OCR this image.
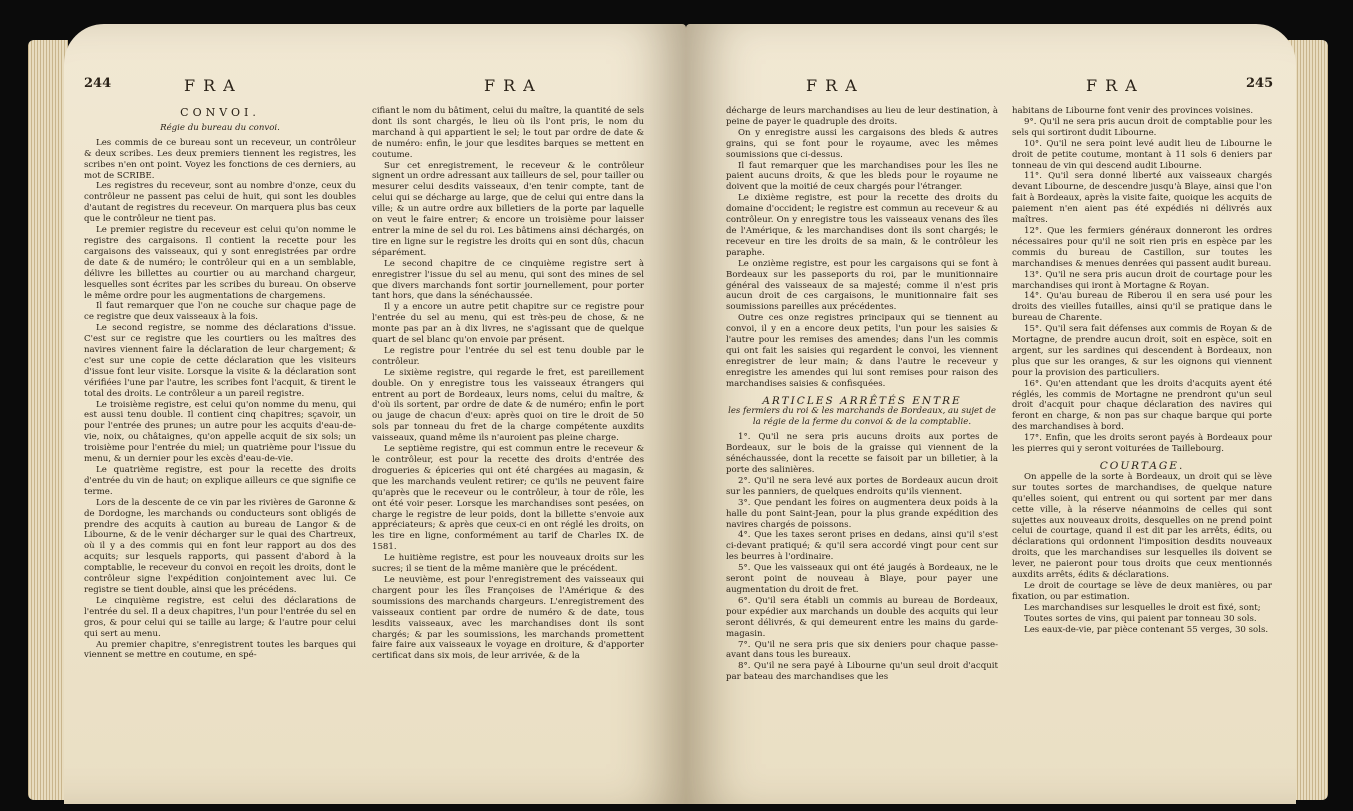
244	FRA	FRA

CONVOI.

Régie du bureau du convoi.

Les commis de ce bureau sont un receveur, un contrôleur & deux scribes. Les deux premiers tiennent les registres, les scribes n'en ont point. Voyez les fonctions de ces derniers, au mot de SCRIBE.

Les registres du receveur, sont au nombre d'onze, ceux du contrôleur ne passent pas celui de huit, qui sont les doubles d'autant de registres du receveur. On marquera plus bas ceux que le contrôleur ne tient pas.

Le premier registre du receveur est celui qu'on nomme le registre des cargaisons. Il contient la recette pour les cargaisons des vaisseaux, qui y sont enregistrées par ordre de date & de numéro; le contrôleur qui en a un semblable, délivre les billettes au courtier ou au marchand chargeur, lesquelles sont écrites par les scribes du bureau. On observe le même ordre pour les augmentations de chargemens.

Il faut remarquer que l'on ne couche sur chaque page de ce registre que deux vaisseaux à la fois.

Le second registre, se nomme des déclarations d'issue. C'est sur ce registre que les courtiers ou les maîtres des navires viennent faire la déclaration de leur chargement; & c'est sur une copie de cette déclaration que les visiteurs d'issue font leur visite. Lorsque la visite & la déclaration sont vérifiées l'une par l'autre, les scribes font l'acquit, & tirent le total des droits. Le contrôleur a un pareil registre.

Le troisième registre, est celui qu'on nomme du menu, qui est aussi tenu double. Il contient cinq chapitres; sçavoir, un pour l'entrée des prunes; un autre pour les acquits d'eau-de-vie, noix, ou châtaignes, qu'on appelle acquit de six sols; un troisième pour l'entrée du miel; un quatrième pour l'issue du menu, & un dernier pour les excès d'eau-de-vie.

Le quatrième registre, est pour la recette des droits d'entrée du vin de haut; on explique ailleurs ce que signifie ce terme.

Lors de la descente de ce vin par les rivières de Garonne & de Dordogne, les marchands ou conducteurs sont obligés de prendre des acquits à caution au bureau de Langor & de Libourne, & de le venir décharger sur le quai des Chartreux, où il y a des commis qui en font leur rapport au dos des acquits; sur lesquels rapports, qui passent d'abord à la comptablie, le receveur du convoi en reçoit les droits, dont le contrôleur signe l'expédition conjointement avec lui. Ce registre se tient double, ainsi que les précédens.

Le cinquième registre, est celui des déclarations de l'entrée du sel. Il a deux chapitres, l'un pour l'entrée du sel en gros, & pour celui qui se taille au large; & l'autre pour celui qui sert au menu.

Au premier chapitre, s'enregistrent toutes les barques qui viennent se mettre en coutume, en spé-

cifiant le nom du bâtiment, celui du maître, la quantité de sels dont ils sont chargés, le lieu où ils l'ont pris, le nom du marchand à qui appartient le sel; le tout par ordre de date & de numéro: enfin, le jour que lesdites barques se mettent en coutume.

Sur cet enregistrement, le receveur & le contrôleur signent un ordre adressant aux tailleurs de sel, pour tailler ou mesurer celui desdits vaisseaux, d'en tenir compte, tant de celui qui se décharge au large, que de celui qui entre dans la ville; & un autre ordre aux billetiers de la porte par laquelle on veut le faire entrer; & encore un troisième pour laisser entrer la mine de sel du roi. Les bâtimens ainsi déchargés, on tire en ligne sur le registre les droits qui en sont dûs, chacun séparément.

Le second chapitre de ce cinquième registre sert à enregistrer l'issue du sel au menu, qui sont des mines de sel que divers marchands font sortir journellement, pour porter tant hors, que dans la sénéchaussée.

Il y a encore un autre petit chapitre sur ce registre pour l'entrée du sel au menu, qui est très-peu de chose, & ne monte pas par an à dix livres, ne s'agissant que de quelque quart de sel blanc qu'on envoie par présent.

Le registre pour l'entrée du sel est tenu double par le contrôleur.

Le sixième registre, qui regarde le fret, est pareillement double. On y enregistre tous les vaisseaux étrangers qui entrent au port de Bordeaux, leurs noms, celui du maître, & d'où ils sortent, par ordre de date & de numéro; enfin le port ou jauge de chacun d'eux: après quoi on tire le droit de 50 sols par tonneau du fret de la charge compétente auxdits vaisseaux, quand même ils n'auroient pas pleine charge.

Le septième registre, qui est commun entre le receveur & le contrôleur, est pour la recette des droits d'entrée des drogueries & épiceries qui ont été chargées au magasin, & que les marchands veulent retirer; ce qu'ils ne peuvent faire qu'après que le receveur ou le contrôleur, à tour de rôle, les ont été voir peser. Lorsque les marchandises sont pesées, on charge le registre de leur poids, dont la billette s'envoie aux appréciateurs; & après que ceux-ci en ont réglé les droits, on les tire en ligne, conformément au tarif de Charles IX. de 1581.

Le huitième registre, est pour les nouveaux droits sur les sucres; il se tient de la même manière que le précédent.

Le neuvième, est pour l'enregistrement des vaisseaux qui chargent pour les îles Françoises de l'Amérique & des soumissions des marchands chargeurs. L'enregistrement des vaisseaux contient par ordre de numéro & de date, tous lesdits vaisseaux, avec les marchandises dont ils sont chargés; & par les soumissions, les marchands promettent faire faire aux vaisseaux le voyage en droiture, & d'apporter certificat dans six mois, de leur arrivée, & de la

FRA	FRA	245

décharge de leurs marchandises au lieu de leur destination, à peine de payer le quadruple des droits.

On y enregistre aussi les cargaisons des bleds & autres grains, qui se font pour le royaume, avec les mêmes soumissions que ci-dessus.

Il faut remarquer que les marchandises pour les îles ne paient aucuns droits, & que les bleds pour le royaume ne doivent que la moitié de ceux chargés pour l'étranger.

Le dixième registre, est pour la recette des droits du domaine d'occident; le registre est commun au receveur & au contrôleur. On y enregistre tous les vaisseaux venans des îles de l'Amérique, & les marchandises dont ils sont chargés; le receveur en tire les droits de sa main, & le contrôleur les paraphe.

Le onzième registre, est pour les cargaisons qui se font à Bordeaux sur les passeports du roi, par le munitionnaire général des vaisseaux de sa majesté; comme il n'est pris aucun droit de ces cargaisons, le munitionnaire fait ses soumissions pareilles aux précédentes.

Outre ces onze registres principaux qui se tiennent au convoi, il y en a encore deux petits, l'un pour les saisies & l'autre pour les remises des amendes; dans l'un les commis qui ont fait les saisies qui regardent le convoi, les viennent enregistrer de leur main; & dans l'autre le receveur y enregistre les amendes qui lui sont remises pour raison des marchandises saisies & confisquées.

ARTICLES ARRÊTÉS ENTRE

les fermiers du roi & les marchands de Bordeaux, au sujet de la régie de la ferme du convoi & de la comptablie.

1°. Qu'il ne sera pris aucuns droits aux portes de Bordeaux, sur le bois de la graisse qui viennent de la sénéchaussée, dont la recette se faisoit par un billetier, à la porte des salinières.

2°. Qu'il ne sera levé aux portes de Bordeaux aucun droit sur les panniers, de quelques endroits qu'ils viennent.

3°. Que pendant les foires on augmentera deux poids à la halle du pont Saint-Jean, pour la plus grande expédition des navires chargés de poissons.

4°. Que les taxes seront prises en dedans, ainsi qu'il s'est ci-devant pratiqué; & qu'il sera accordé vingt pour cent sur les beurres à l'ordinaire.

5°. Que les vaisseaux qui ont été jaugés à Bordeaux, ne le seront point de nouveau à Blaye, pour payer une augmentation du droit de fret.

6°. Qu'il sera établi un commis au bureau de Bordeaux, pour expédier aux marchands un double des acquits qui leur seront délivrés, & qui demeurent entre les mains du garde-magasin.

7°. Qu'il ne sera pris que six deniers pour chaque passe-avant dans tous les bureaux.

8°. Qu'il ne sera payé à Libourne qu'un seul droit d'acquit par bateau des marchandises que les

habitans de Libourne font venir des provinces voisines.

9°. Qu'il ne sera pris aucun droit de comptablie pour les sels qui sortiront dudit Libourne.

10°. Qu'il ne sera point levé audit lieu de Libourne le droit de petite coutume, montant à 11 sols 6 deniers par tonneau de vin qui descend audit Libourne.

11°. Qu'il sera donné liberté aux vaisseaux chargés devant Libourne, de descendre jusqu'à Blaye, ainsi que l'on fait à Bordeaux, après la visite faite, quoique les acquits de paiement n'en aient pas été expédiés ni délivrés aux maîtres.

12°. Que les fermiers généraux donneront les ordres nécessaires pour qu'il ne soit rien pris en espèce par les commis du bureau de Castillon, sur toutes les marchandises & menues denrées qui passent audit bureau.

13°. Qu'il ne sera pris aucun droit de courtage pour les marchandises qui iront à Mortagne & Royan.

14°. Qu'au bureau de Riberou il en sera usé pour les droits des vieilles futailles, ainsi qu'il se pratique dans le bureau de Charente.

15°. Qu'il sera fait défenses aux commis de Royan & de Mortagne, de prendre aucun droit, soit en espèce, soit en argent, sur les sardines qui descendent à Bordeaux, non plus que sur les oranges, & sur les oignons qui viennent pour la provision des particuliers.

16°. Qu'en attendant que les droits d'acquits ayent été réglés, les commis de Mortagne ne prendront qu'un seul droit d'acquit pour chaque déclaration des navires qui feront en charge, & non pas sur chaque barque qui porte des marchandises à bord.

17°. Enfin, que les droits seront payés à Bordeaux pour les pierres qui y seront voiturées de Taillebourg.

COURTAGE.

On appelle de la sorte à Bordeaux, un droit qui se lève sur toutes sortes de marchandises, de quelque nature qu'elles soient, qui entrent ou qui sortent par mer dans cette ville, à la réserve néanmoins de celles qui sont sujettes aux nouveaux droits, desquelles on ne prend point celui de courtage, quand il est dit par les arrêts, édits, ou déclarations qui ordonnent l'imposition desdits nouveaux droits, que les marchandises sur lesquelles ils doivent se lever, ne paieront pour tous droits que ceux mentionnés auxdits arrêts, édits & déclarations.

Le droit de courtage se lève de deux manières, ou par fixation, ou par estimation.

Les marchandises sur lesquelles le droit est fixé, sont;

Toutes sortes de vins, qui paient par tonneau 30 sols.

Les eaux-de-vie, par pièce contenant 55 verges, 30 sols.
